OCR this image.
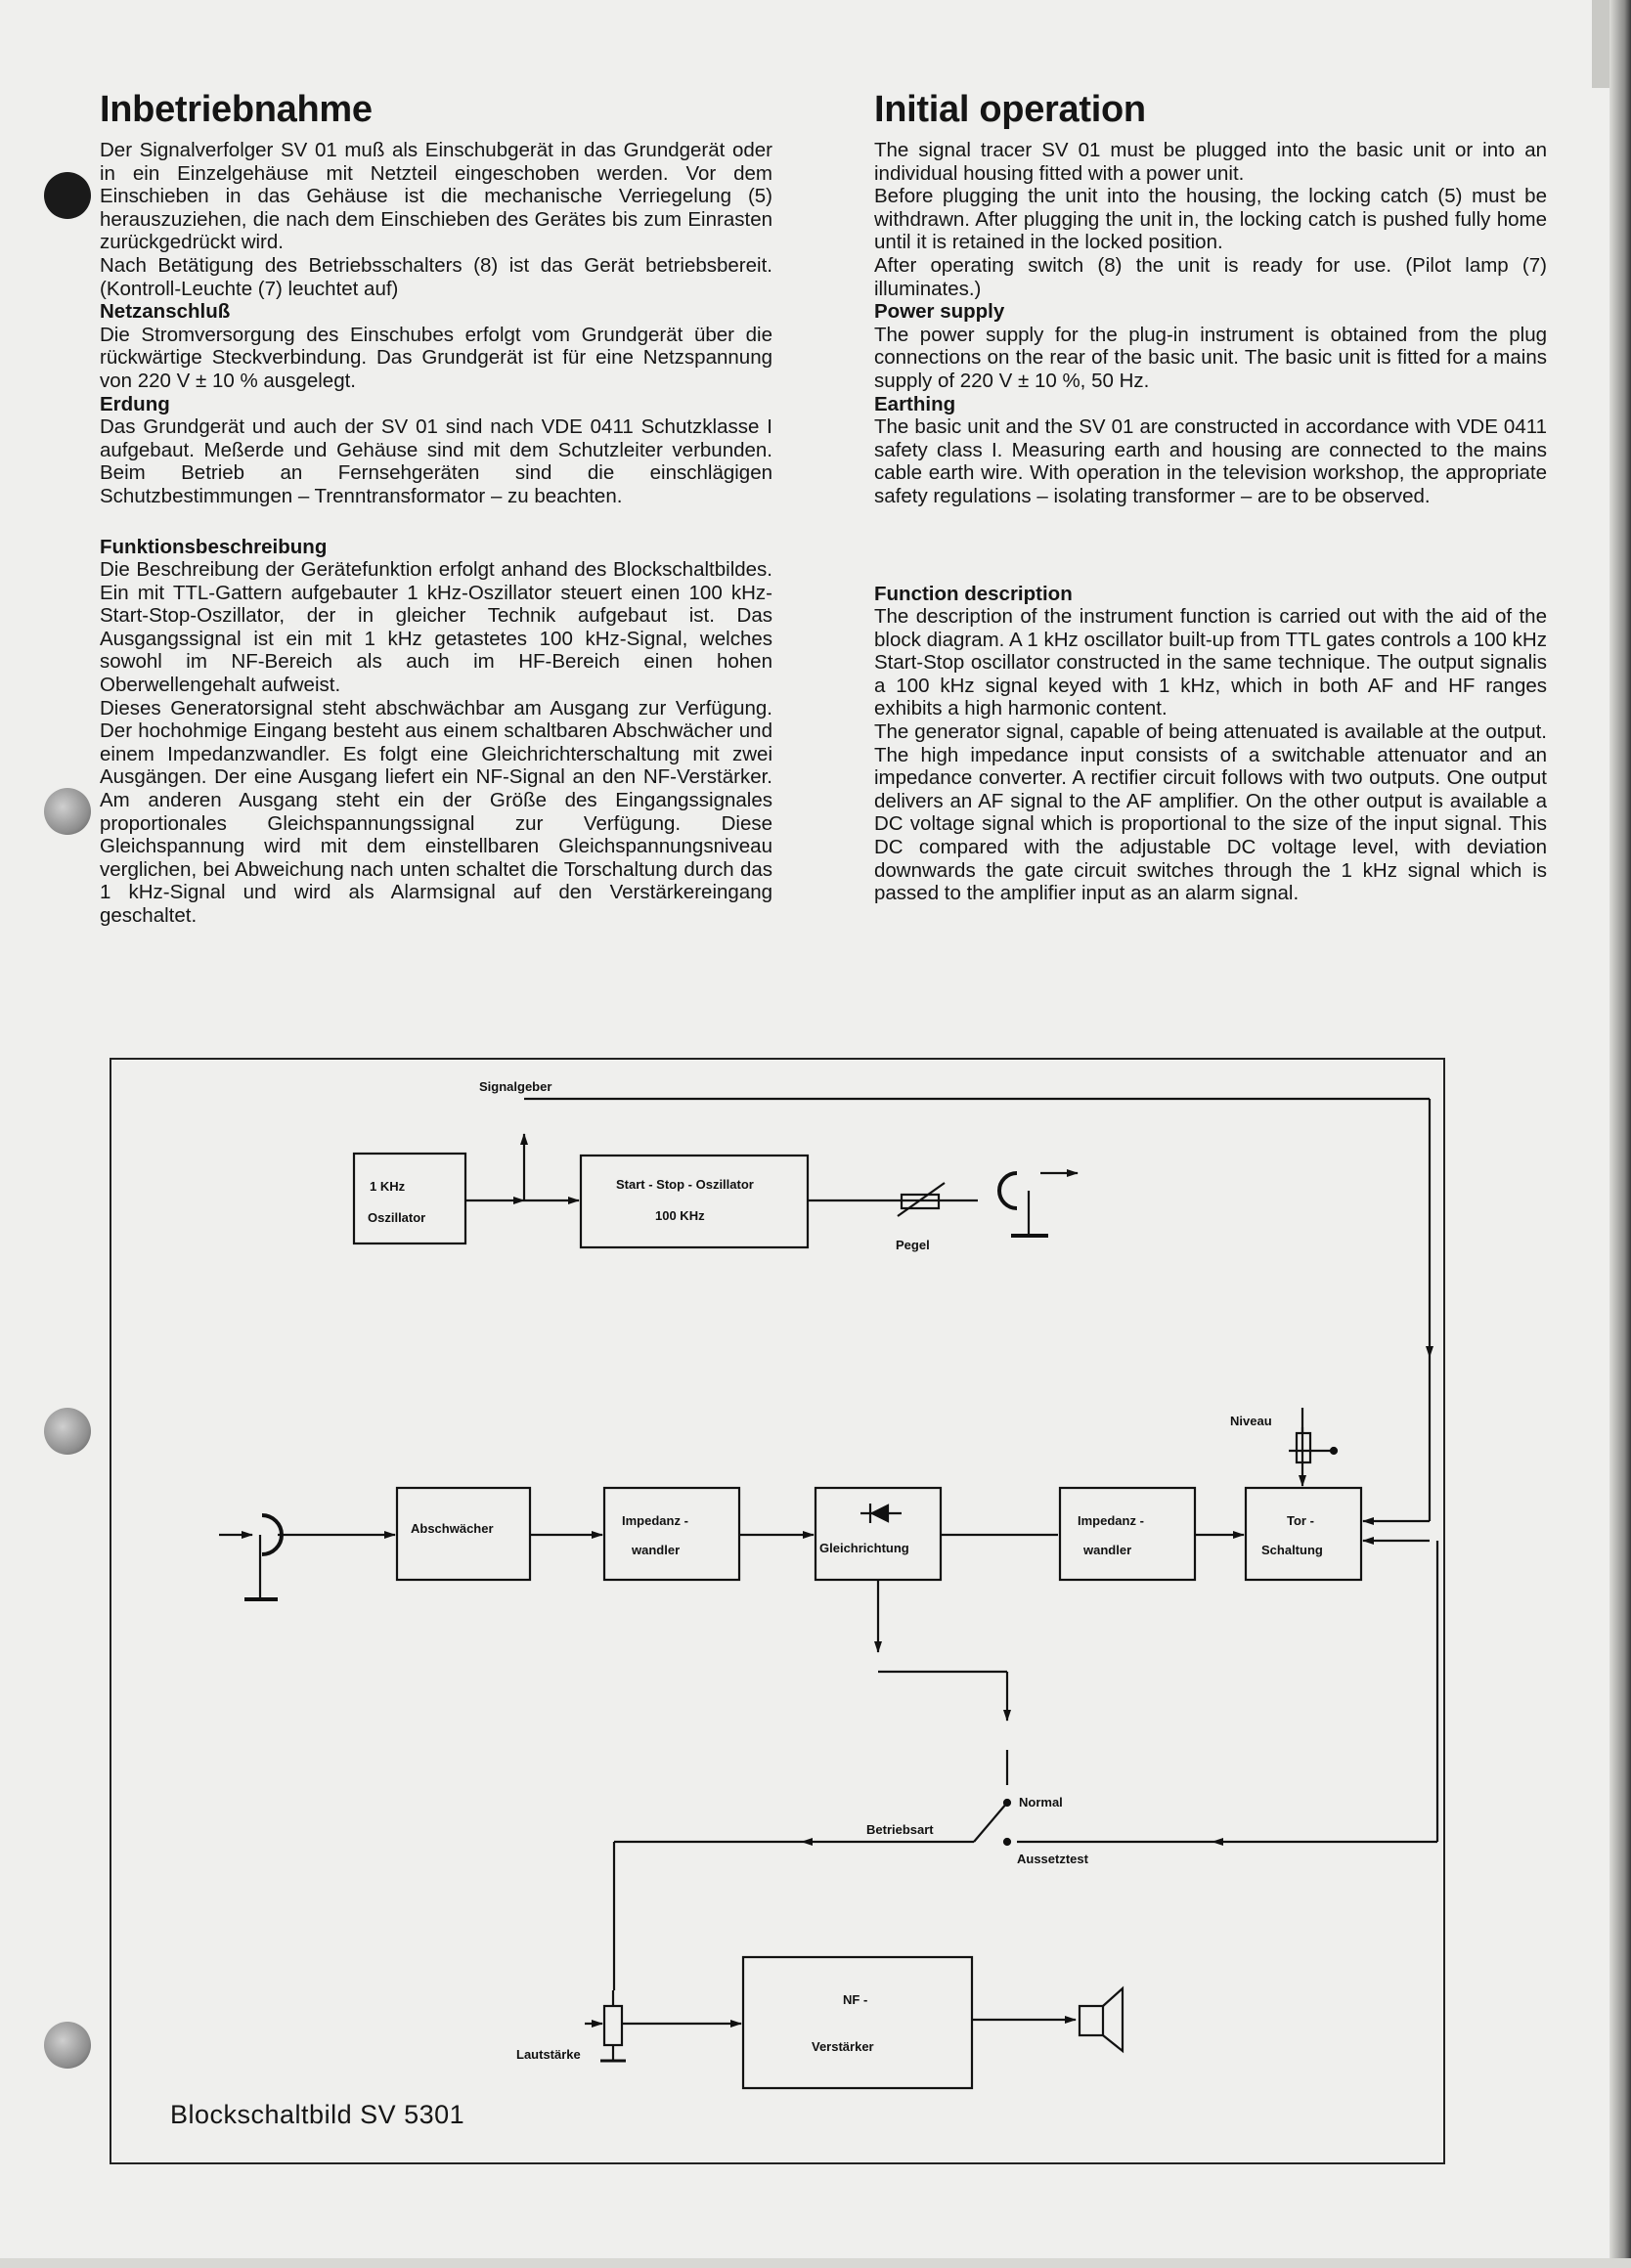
Inbetriebnahme

Der Signalverfolger SV 01 muß als Einschubgerät in das Grundgerät oder in ein Einzelgehäuse mit Netzteil eingeschoben werden. Vor dem Einschieben in das Gehäuse ist die mechanische Verriegelung (5) herauszuziehen, die nach dem Einschieben des Gerätes bis zum Einrasten zurückgedrückt wird.

Nach Betätigung des Betriebsschalters (8) ist das Gerät betriebsbereit. (Kontroll-Leuchte (7) leuchtet auf)

Netzanschluß

Die Stromversorgung des Einschubes erfolgt vom Grundgerät über die rückwärtige Steckverbindung. Das Grundgerät ist für eine Netzspannung von 220 V ± 10 % ausgelegt.

Erdung

Das Grundgerät und auch der SV 01 sind nach VDE 0411 Schutzklasse I aufgebaut. Meßerde und Gehäuse sind mit dem Schutzleiter verbunden. Beim Betrieb an Fernsehgeräten sind die einschlägigen Schutzbestimmungen – Trenntransformator – zu beachten.

Funktionsbeschreibung

Die Beschreibung der Gerätefunktion erfolgt anhand des Blockschaltbildes. Ein mit TTL-Gattern aufgebauter 1 kHz-Oszillator steuert einen 100 kHz-Start-Stop-Oszillator, der in gleicher Technik aufgebaut ist. Das Ausgangssignal ist ein mit 1 kHz getastetes 100 kHz-Signal, welches sowohl im NF-Bereich als auch im HF-Bereich einen hohen Oberwellengehalt aufweist.

Dieses Generatorsignal steht abschwächbar am Ausgang zur Verfügung. Der hochohmige Eingang besteht aus einem schaltbaren Abschwächer und einem Impedanzwandler. Es folgt eine Gleichrichterschaltung mit zwei Ausgängen. Der eine Ausgang liefert ein NF-Signal an den NF-Verstärker. Am anderen Ausgang steht ein der Größe des Eingangssignales proportionales Gleichspannungssignal zur Verfügung. Diese Gleichspannung wird mit dem einstellbaren Gleichspannungsniveau verglichen, bei Abweichung nach unten schaltet die Torschaltung durch das 1 kHz-Signal und wird als Alarmsignal auf den Verstärkereingang geschaltet.

Initial operation

The signal tracer SV 01 must be plugged into the basic unit or into an individual housing fitted with a power unit.

Before plugging the unit into the housing, the locking catch (5) must be withdrawn. After plugging the unit in, the locking catch is pushed fully home until it is retained in the locked position.

After operating switch (8) the unit is ready for use. (Pilot lamp (7) illuminates.)

Power supply

The power supply for the plug-in instrument is obtained from the plug connections on the rear of the basic unit. The basic unit is fitted for a mains supply of 220 V ± 10 %, 50 Hz.

Earthing

The basic unit and the SV 01 are constructed in accordance with VDE 0411 safety class I. Measuring earth and housing are connected to the mains cable earth wire. With operation in the television workshop, the appropriate safety regulations – isolating transformer – are to be observed.

Function description

The description of the instrument function is carried out with the aid of the block diagram. A 1 kHz oscillator built-up from TTL gates controls a 100 kHz Start-Stop oscillator constructed in the same technique. The output signalis a 100 kHz signal keyed with 1 kHz, which in both AF and HF ranges exhibits a high harmonic content.

The generator signal, capable of being attenuated is available at the output. The high impedance input consists of a switchable attenuator and an impedance converter. A rectifier circuit follows with two outputs. One output delivers an AF signal to the AF amplifier. On the other output is available a DC voltage signal which is proportional to the size of the input signal. This DC compared with the adjustable DC voltage level, with deviation downwards the gate circuit switches through the 1 kHz signal which is passed to the amplifier input as an alarm signal.

Signalgeber
1 KHz
Oszillator
Start - Stop - Oszillator
100 KHz
Pegel
Niveau
Abschwächer
Impedanz -
wandler	Gleichrichtung
Impedanz -
wandler
Tor -
Schaltung
Normal
Betriebsart
Aussetztest
NF -
Verstärker
Lautstärke
Blockschaltbild SV 5301
